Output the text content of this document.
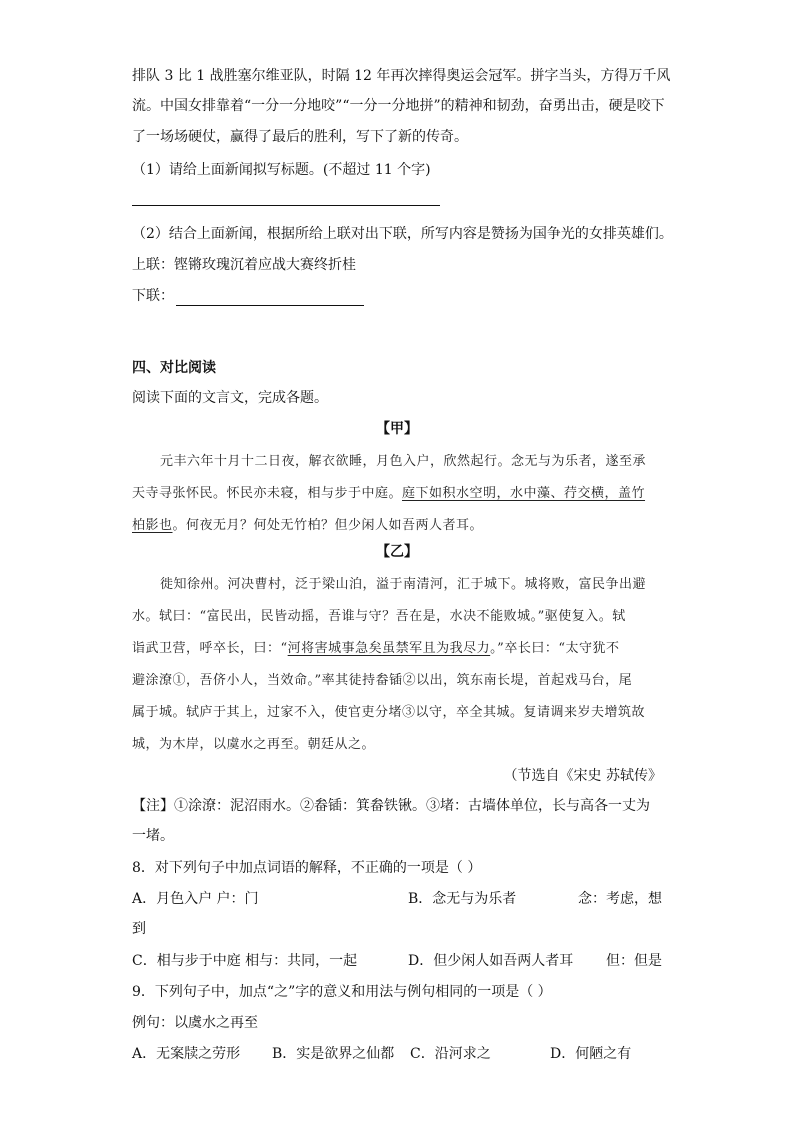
排队 3 比 1 战胜塞尔维亚队，时隔 12 年再次摔得奥运会冠军。拼字当头，方得万千风
流。中国女排靠着“一分一分地咬”“一分一分地拼”的精神和韧劲，奋勇出击，硬是咬下
了一场场硬仗，赢得了最后的胜利，写下了新的传奇。
（1）请给上面新闻拟写标题。(不超过 11 个字)
（2）结合上面新闻，根据所给上联对出下联，所写内容是赞扬为国争光的女排英雄们。
上联：铿锵玫瑰沉着应战大赛终折桂
下联：
四、对比阅读
阅读下面的文言文，完成各题。
【甲】
元丰六年十月十二日夜，解衣欲睡，月色入户，欣然起行。念无与为乐者，遂至承
天寺寻张怀民。怀民亦未寝，相与步于中庭。庭下如积水空明，水中藻、荇交横，盖竹
柏影也。何夜无月？何处无竹柏？但少闲人如吾两人者耳。
【乙】
徙知徐州。河决曹村，泛于梁山泊，溢于南清河，汇于城下。城将败，富民争出避
水。轼曰：“富民出，民皆动摇，吾谁与守？吾在是，水决不能败城。”驱使复入。轼
诣武卫营，呼卒长，曰：“河将害城事急矣虽禁军且为我尽力。”卒长曰：“太守犹不
避涂潦①，吾侪小人，当效命。”率其徒持畚锸②以出，筑东南长堤，首起戏马台，尾
属于城。轼庐于其上，过家不入，使官吏分堵③以守，卒全其城。复请调来岁夫增筑故
城，为木岸，以虞水之再至。朝廷从之。
（节选自《宋史 苏轼传》
【注】①涂潦：泥沼雨水。②畚锸：箕畚铁锹。③堵：古墙体单位，长与高各一丈为
一堵。
8．对下列句子中加点词语的解释，不正确的一项是（ ）
A．月色入户 户：门	B．念无与为乐者	念：考虑，想
到
C．相与步于中庭 相与：共同，一起	D．但少闲人如吾两人者耳 但：但是
9．下列句子中，加点“之”字的意义和用法与例句相同的一项是（ ）
例句：以虞水之再至
A．无案牍之劳形 B．实是欲界之仙都 C．沿河求之	D．何陋之有
